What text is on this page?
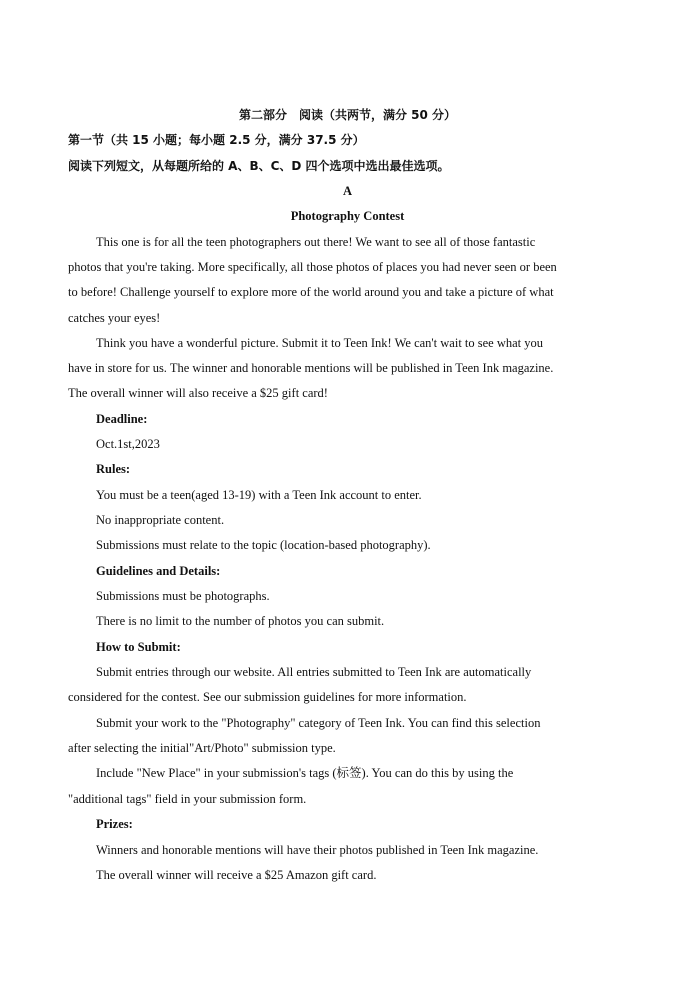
第二部分　阅读（共两节，满分 50 分）
第一节（共 15 小题；每小题 2.5 分，满分 37.5 分）
阅读下列短文，从每题所给的 A、B、C、D 四个选项中选出最佳选项。
A
Photography Contest
This one is for all the teen photographers out there! We want to see all of those fantastic
photos that you're taking. More specifically, all those photos of places you had never seen or been
to before! Challenge yourself to explore more of the world around you and take a picture of what
catches your eyes!
Think you have a wonderful picture. Submit it to Teen Ink! We can't wait to see what you
have in store for us. The winner and honorable mentions will be published in Teen Ink magazine.
The overall winner will also receive a $25 gift card!
Deadline:
Oct.1st,2023
Rules:
You must be a teen(aged 13-19) with a Teen Ink account to enter.
No inappropriate content.
Submissions must relate to the topic (location-based photography).
Guidelines and Details:
Submissions must be photographs.
There is no limit to the number of photos you can submit.
How to Submit:
Submit entries through our website. All entries submitted to Teen Ink are automatically
considered for the contest. See our submission guidelines for more information.
Submit your work to the "Photography" category of Teen Ink. You can find this selection
after selecting the initial"Art/Photo" submission type.
Include "New Place" in your submission's tags (标签). You can do this by using the
"additional tags" field in your submission form.
Prizes:
Winners and honorable mentions will have their photos published in Teen Ink magazine.
The overall winner will receive a $25 Amazon gift card.
